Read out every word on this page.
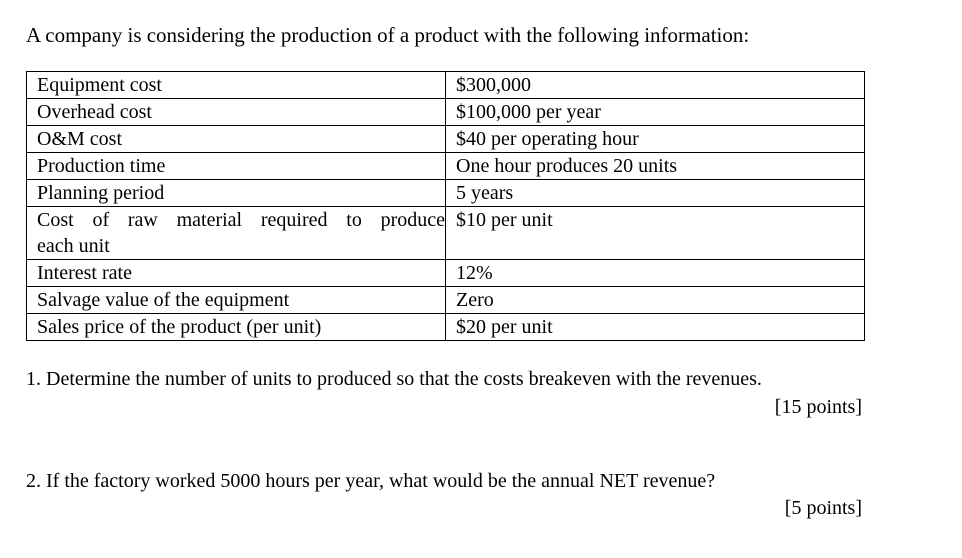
A company is considering the production of a product with the following information:
Equipment cost	$300,000
Overhead cost	$100,000 per year
O&M cost	$40 per operating hour
Production time	One hour produces 20 units
Planning period	5 years

Cost of raw material required to produce
each unit	$10 per unit
Interest rate	12%
Salvage value of the equipment	Zero
Sales price of the product (per unit)	$20 per unit
1. Determine the number of units to produced so that the costs breakeven with the revenues.
[15 points]
2. If the factory worked 5000 hours per year, what would be the annual NET revenue?
[5 points]
